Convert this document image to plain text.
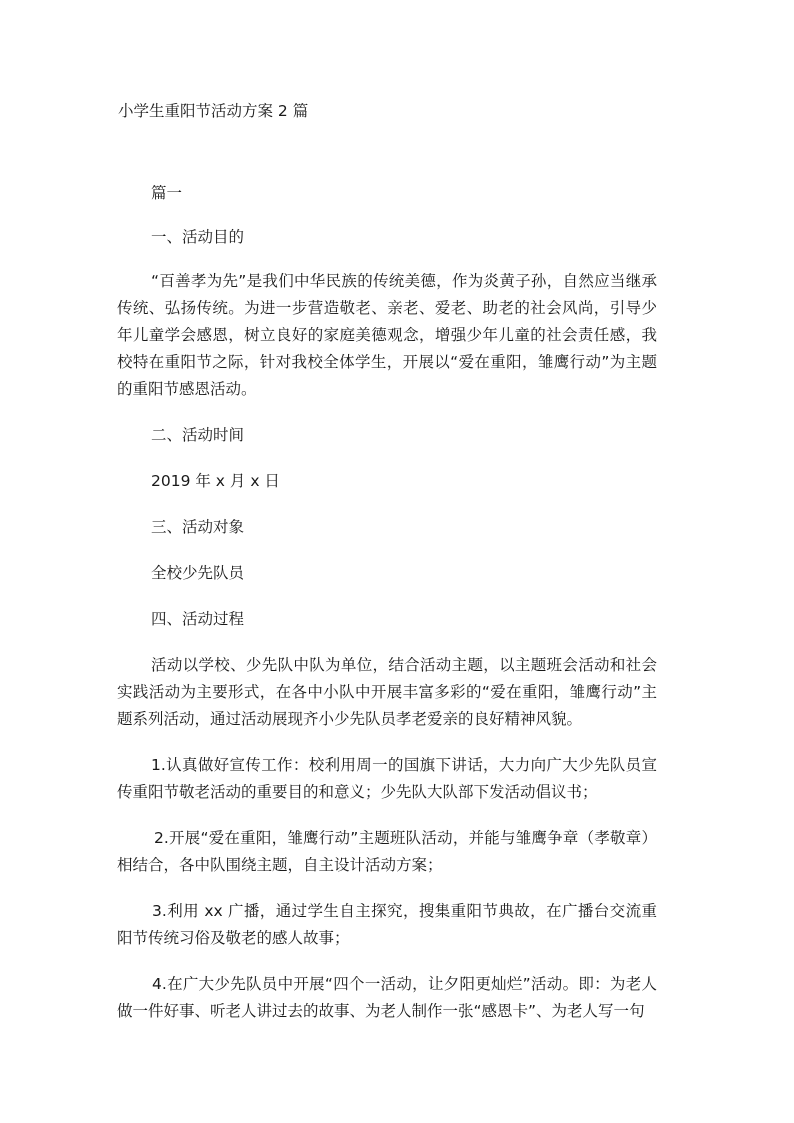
小学生重阳节活动方案 2 篇

篇一

一、活动目的

“百善孝为先”是我们中华民族的传统美德，作为炎黄子孙，自然应当继承传统、弘扬传统。为进一步营造敬老、亲老、爱老、助老的社会风尚，引导少年儿童学会感恩，树立良好的家庭美德观念，增强少年儿童的社会责任感，我校特在重阳节之际，针对我校全体学生，开展以“爱在重阳，雏鹰行动”为主题的重阳节感恩活动。

二、活动时间

2019 年 x 月 x 日

三、活动对象

全校少先队员

四、活动过程

活动以学校、少先队中队为单位，结合活动主题，以主题班会活动和社会实践活动为主要形式，在各中小队中开展丰富多彩的“爱在重阳，雏鹰行动”主题系列活动，通过活动展现齐小少先队员孝老爱亲的良好精神风貌。

1.认真做好宣传工作：校利用周一的国旗下讲话，大力向广大少先队员宣传重阳节敬老活动的重要目的和意义；少先队大队部下发活动倡议书；

2.开展“爱在重阳，雏鹰行动”主题班队活动，并能与雏鹰争章（孝敬章）相结合，各中队围绕主题，自主设计活动方案；

3.利用 xx 广播，通过学生自主探究，搜集重阳节典故，在广播台交流重阳节传统习俗及敬老的感人故事；

4.在广大少先队员中开展“四个一活动，让夕阳更灿烂”活动。即：为老人做一件好事、听老人讲过去的故事、为老人制作一张“感恩卡”、为老人写一句
